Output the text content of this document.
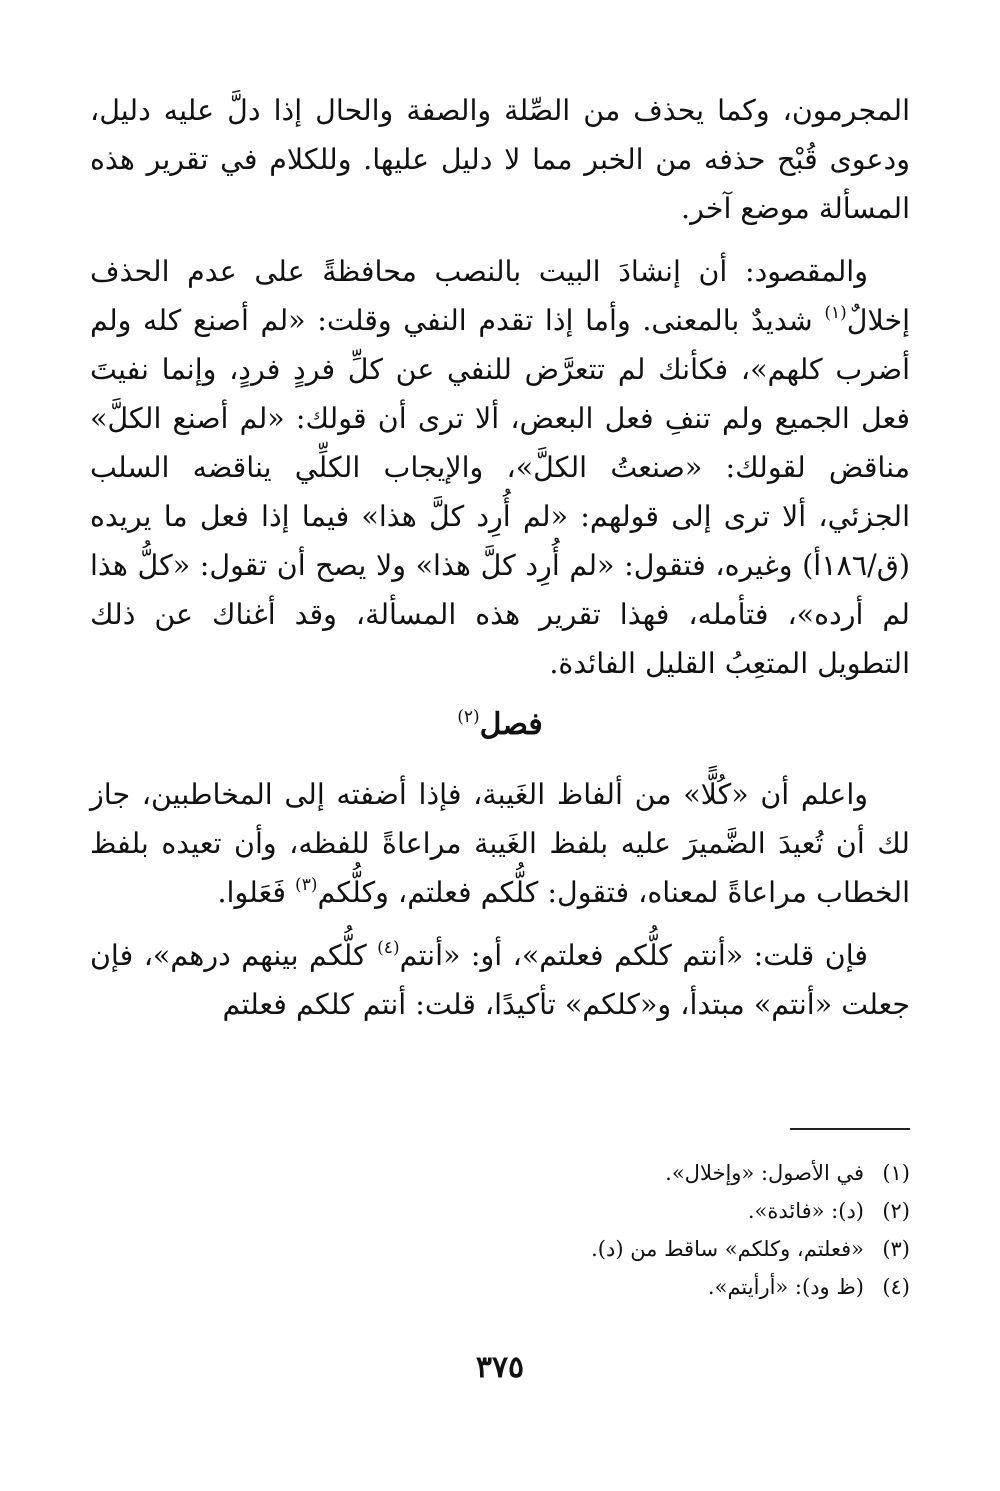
المجرمون، وكما يحذف من الصِّلة والصفة والحال إذا دلَّ عليه دليل، ودعوى قُبْح حذفه من الخبر مما لا دليل عليها. وللكلام في تقرير هذه المسألة موضع آخر.

والمقصود: أن إنشادَ البيت بالنصب محافظةً على عدم الحذف إخلالٌ$^{(١)}$ شديدٌ بالمعنى. وأما إذا تقدم النفي وقلت: «لم أصنع كله ولم أضرب كلهم»، فكأنك لم تتعرَّض للنفي عن كلِّ فردٍ فردٍ، وإنما نفيتَ فعل الجميع ولم تنفِ فعل البعض، ألا ترى أن قولك: «لم أصنع الكلَّ» مناقض لقولك: «صنعتُ الكلَّ»، والإيجاب الكلِّي يناقضه السلب الجزئي، ألا ترى إلى قولهم: «لم أُرِد كلَّ هذا» فيما إذا فعل ما يريده (ق/١٨٦أ) وغيره، فتقول: «لم أُرِد كلَّ هذا» ولا يصح أن تقول: «كلُّ هذا لم أرده»، فتأمله، فهذا تقرير هذه المسألة، وقد أغناك عن ذلك التطويل المتعِبُ القليل الفائدة.

فصل$^{(٢)}$

واعلم أن «كُلًّا» من ألفاظ الغَيبة، فإذا أضفته إلى المخاطبين، جاز لك أن تُعيدَ الضَّميرَ عليه بلفظ الغَيبة مراعاةً للفظه، وأن تعيده بلفظ الخطاب مراعاةً لمعناه، فتقول: كلُّكم فعلتم، وكلُّكم$^{(٣)}$ فَعَلوا.

فإن قلت: «أنتم كلُّكم فعلتم»، أو: «أنتم$^{(٤)}$ كلُّكم بينهم درهم»، فإن جعلت «أنتم» مبتدأ، و«كلكم» تأكيدًا، قلت: أنتم كلكم فعلتم

(١)في الأصول: «وإخلال».
(٢)(د): «فائدة».
(٣)«فعلتم، وكلكم» ساقط من (د).
(٤)(ظ ود): «أرأيتم».
٣٧٥
